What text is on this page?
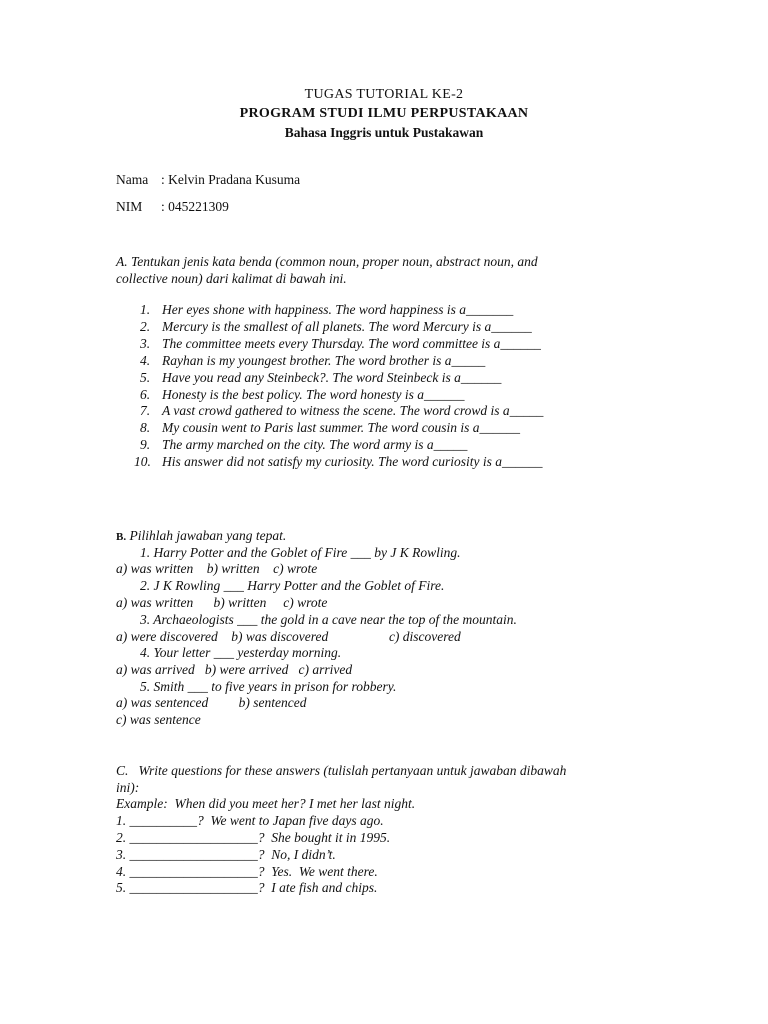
TUGAS TUTORIAL KE-2
PROGRAM STUDI ILMU PERPUSTAKAAN
Bahasa Inggris untuk Pustakawan
Nama : Kelvin Pradana Kusuma
NIM : 045221309
A. Tentukan jenis kata benda (common noun, proper noun, abstract noun, and
collective noun) dari kalimat di bawah ini.
1. Her eyes shone with happiness. The word happiness is a_______
2. Mercury is the smallest of all planets. The word Mercury is a______
3. The committee meets every Thursday. The word committee is a______
4. Rayhan is my youngest brother. The word brother is a_____
5. Have you read any Steinbeck?. The word Steinbeck is a______
6. Honesty is the best policy. The word honesty is a______
7. A vast crowd gathered to witness the scene. The word crowd is a_____
8. My cousin went to Paris last summer. The word cousin is a______
9. The army marched on the city. The word army is a_____
10. His answer did not satisfy my curiosity. The word curiosity is a______
B. Pilihlah jawaban yang tepat.
1. Harry Potter and the Goblet of Fire ___ by J K Rowling.
a) was written    b) written    c) wrote
2. J K Rowling ___ Harry Potter and the Goblet of Fire.
a) was written      b) written     c) wrote
3. Archaeologists ___ the gold in a cave near the top of the mountain.
a) were discovered    b) was discovered                  c) discovered
4. Your letter ___ yesterday morning.
a) was arrived   b) were arrived   c) arrived
5. Smith ___ to five years in prison for robbery.
a) was sentenced         b) sentenced
c) was sentence
C.   Write questions for these answers (tulislah pertanyaan untuk jawaban dibawah
ini):
Example:  When did you meet her? I met her last night.
1. __________?  We went to Japan five days ago.
2. ___________________?  She bought it in 1995.
3. ___________________?  No, I didn’t.
4. ___________________?  Yes.  We went there.
5. ___________________?  I ate fish and chips.
